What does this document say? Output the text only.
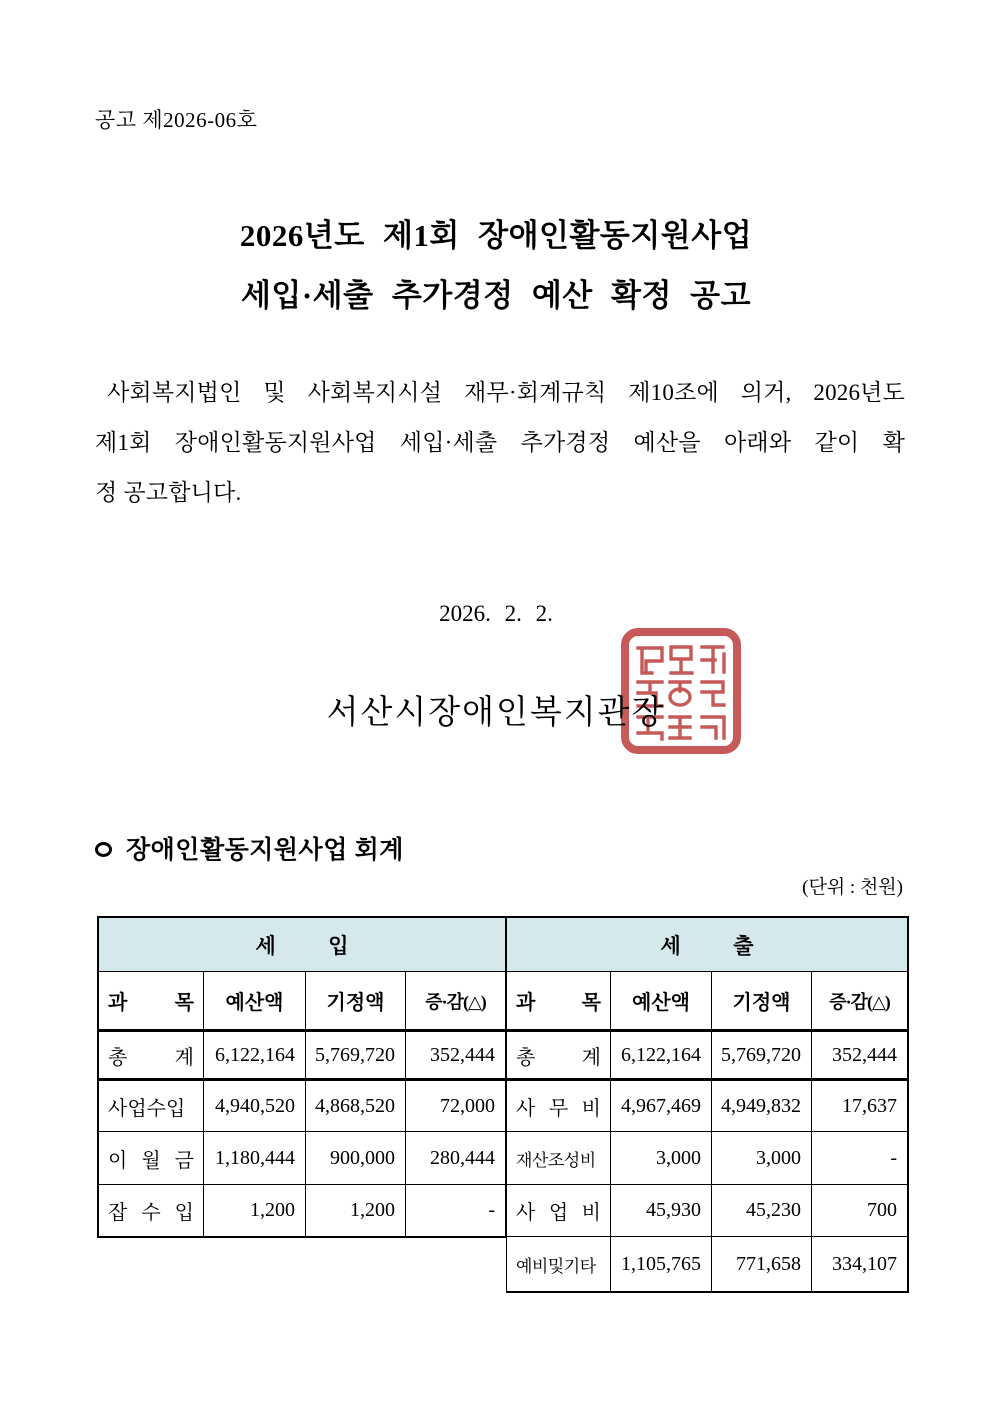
공고 제2026-06호
2026년도 제1회 장애인활동지원사업
세입·세출 추가경정 예산 확정 공고
사회복지법인 및 사회복지시설 재무·회계규칙 제10조에 의거, 2026년도
제1회 장애인활동지원사업 세입·세출 추가경정 예산을 아래와 같이 확
정 공고합니다.
2026. 2. 2.
서산시장애인복지관장
장애인활동지원사업 회계
(단위 : 천원)
세          입
과 목	예산액	기정액	증·감(△)
총 계	6,122,164	5,769,720	352,444
사업수입	4,940,520	4,868,520	72,000
이 월 금	1,180,444	900,000	280,444
잡 수 입	1,200	1,200	-
세          출
과 목	예산액	기정액	증·감(△)
총 계	6,122,164	5,769,720	352,444
사 무 비	4,967,469	4,949,832	17,637
재산조성비	3,000	3,000	-
사 업 비	45,930	45,230	700
예비및기타	1,105,765	771,658	334,107
